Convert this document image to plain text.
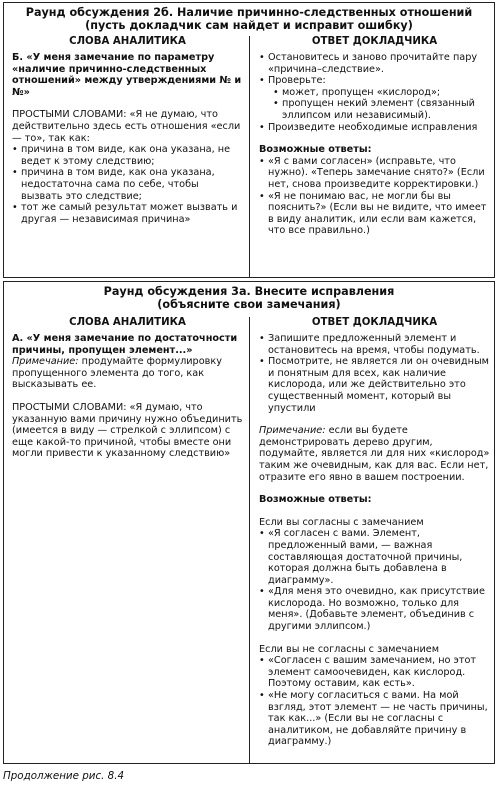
Раунд обсуждения 2б. Наличие причинно-следственных отношений
(пусть докладчик сам найдет и исправит ошибку)
СЛОВА АНАЛИТИКА
Б. «У меня замечание по параметру «наличие причинно-следственных отношений» между утверждениями № и №»
ПРОСТЫМИ СЛОВАМИ: «Я не думаю, что действительно здесь есть отношения «если — то», так как:
• причина в том виде, как она указана, не ведет к этому следствию;
• причина в том виде, как она указана, недостаточна сама по себе, чтобы вызвать это следствие;
• тот же самый результат может вызвать и другая — независимая причина»
ОТВЕТ ДОКЛАДЧИКА
• Остановитесь и заново прочитайте пару «причина–следствие».
• Проверьте:
• может, пропущен «кислород»;
• пропущен некий элемент (связанный эллипсом или независимый).
• Произведите необходимые исправления
Возможные ответы:
• «Я с вами согласен» (исправьте, что нужно). «Теперь замечание снято?» (Если нет, снова произведите корректировки.)
• «Я не понимаю вас, не могли бы вы пояснить?» (Если вы не видите, что имеет в виду аналитик, или если вам кажется, что все правильно.)
Раунд обсуждения 3а. Внесите исправления
(объясните свои замечания)
СЛОВА АНАЛИТИКА
А. «У меня замечание по достаточности причины, пропущен элемент...»
Примечание: продумайте формулировку пропущенного элемента до того, как высказывать ее.
ПРОСТЫМИ СЛОВАМИ: «Я думаю, что указанную вами причину нужно объединить (имеется в виду — стрелкой с эллипсом) с еще какой-то причиной, чтобы вместе они могли привести к указанному следствию»
ОТВЕТ ДОКЛАДЧИКА
• Запишите предложенный элемент и остановитесь на время, чтобы подумать.
• Посмотрите, не является ли он очевидным и понятным для всех, как наличие кислорода, или же действительно это существенный момент, который вы упустили
Примечание: если вы будете демонстрировать дерево другим, подумайте, является ли для них «кислород» таким же очевидным, как для вас. Если нет, отразите его явно в вашем построении.
Возможные ответы:
Если вы согласны с замечанием
• «Я согласен с вами. Элемент, предложенный вами, — важная составляющая достаточной причины, которая должна быть добавлена в диаграмму».
• «Для меня это очевидно, как присутствие кислорода. Но возможно, только для меня». (Добавьте элемент, объединив с другими эллипсом.)
Если вы не согласны с замечанием
• «Согласен с вашим замечанием, но этот элемент самоочевиден, как кислород. Поэтому оставим, как есть».
• «Не могу согласиться с вами. На мой взгляд, этот элемент — не часть причины, так как...» (Если вы не согласны с аналитиком, не добавляйте причину в диаграмму.)
Продолжение рис. 8.4
